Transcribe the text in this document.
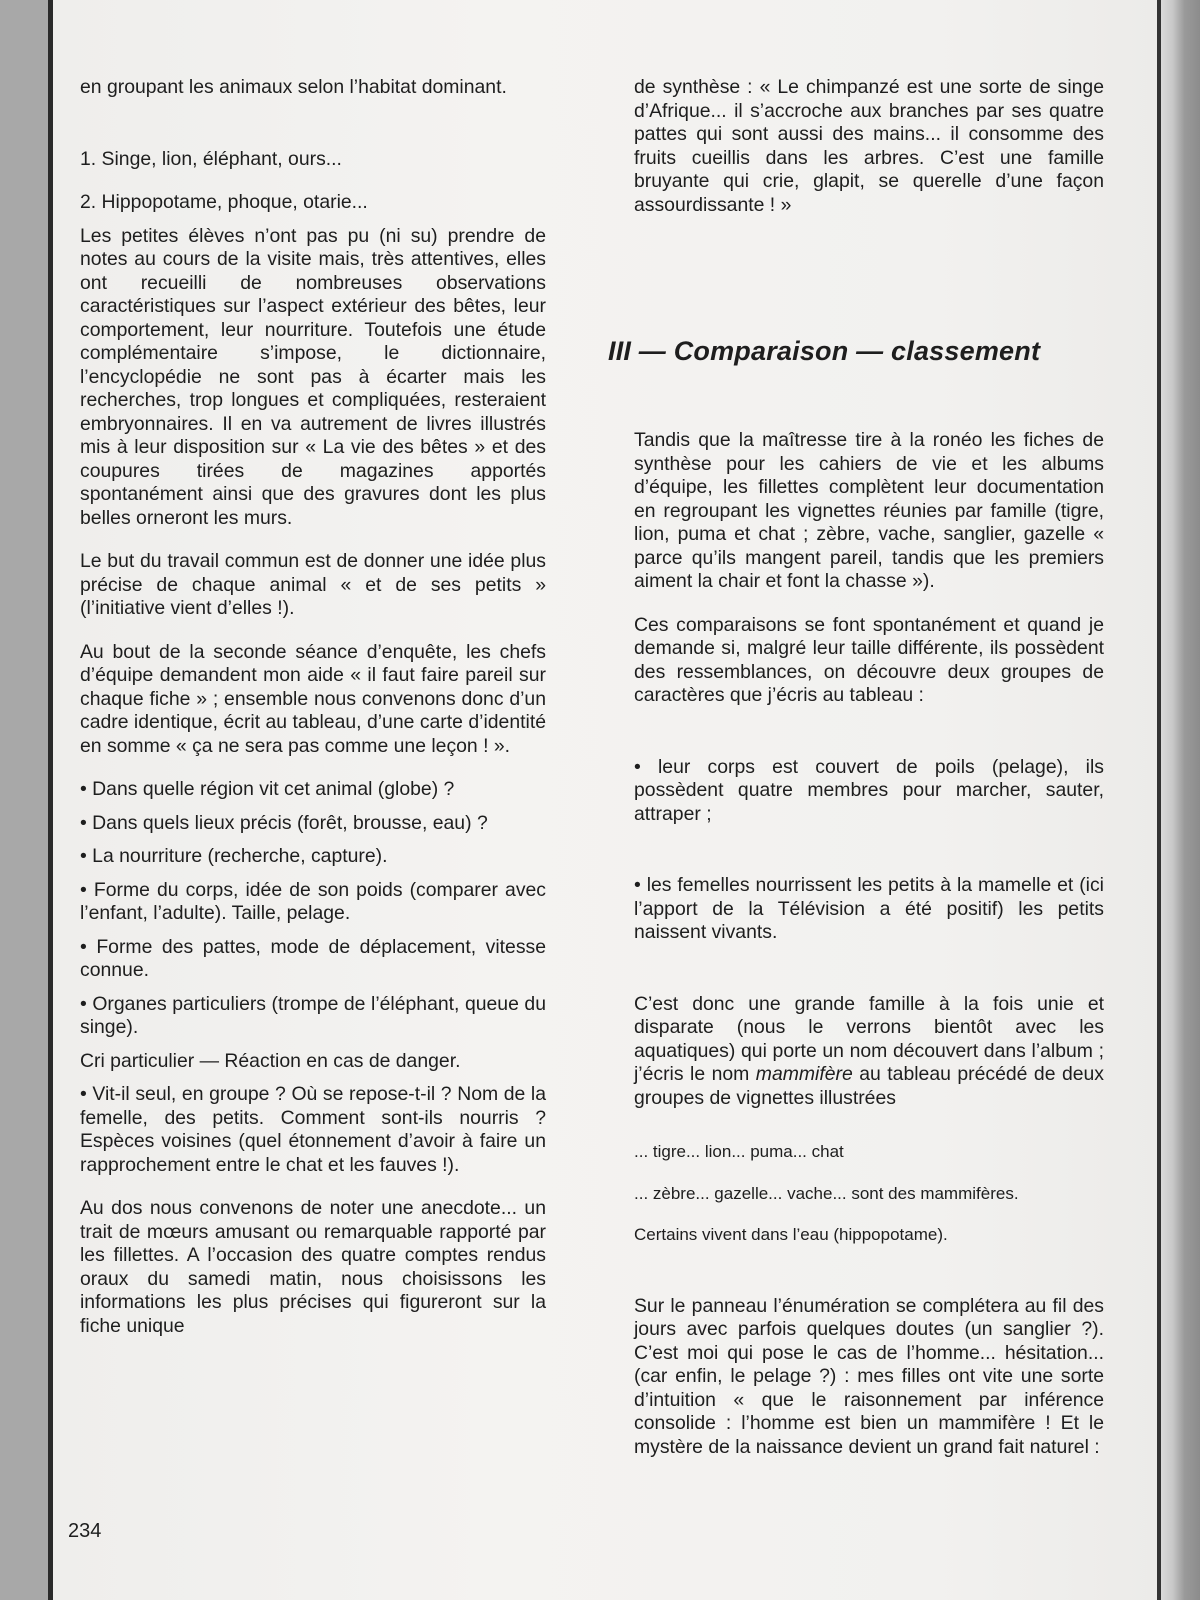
en groupant les animaux selon l’habitat dominant.

1. Singe, lion, éléphant, ours...

2. Hippopotame, phoque, otarie...

Les petites élèves n’ont pas pu (ni su) prendre de notes au cours de la visite mais, très attentives, elles ont recueilli de nombreuses observations caractéristiques sur l’aspect extérieur des bêtes, leur comportement, leur nourriture. Toutefois une étude complémentaire s’impose, le dictionnaire, l’encyclopédie ne sont pas à écarter mais les recherches, trop longues et compliquées, resteraient embryonnaires. Il en va autrement de livres illustrés mis à leur disposition sur « La vie des bêtes » et des coupures tirées de magazines apportés spontanément ainsi que des gravures dont les plus belles orneront les murs.

Le but du travail commun est de donner une idée plus précise de chaque animal « et de ses petits » (l’initiative vient d’elles !).

Au bout de la seconde séance d’enquête, les chefs d’équipe demandent mon aide « il faut faire pareil sur chaque fiche » ; ensemble nous convenons donc d’un cadre identique, écrit au tableau, d’une carte d’identité en somme « ça ne sera pas comme une leçon ! ».

• Dans quelle région vit cet animal (globe) ?

• Dans quels lieux précis (forêt, brousse, eau) ?

• La nourriture (recherche, capture).

• Forme du corps, idée de son poids (comparer avec l’enfant, l’adulte). Taille, pelage.

• Forme des pattes, mode de déplacement, vitesse connue.

• Organes particuliers (trompe de l’éléphant, queue du singe).

Cri particulier — Réaction en cas de danger.

• Vit-il seul, en groupe ? Où se repose-t-il ? Nom de la femelle, des petits. Comment sont-ils nourris ? Espèces voisines (quel étonnement d’avoir à faire un rapprochement entre le chat et les fauves !).

Au dos nous convenons de noter une anecdote... un trait de mœurs amusant ou remarquable rapporté par les fillettes. A l’occasion des quatre comptes rendus oraux du samedi matin, nous choisissons les informations les plus précises qui figureront sur la fiche unique

de synthèse : « Le chimpanzé est une sorte de singe d’Afrique... il s’accroche aux branches par ses quatre pattes qui sont aussi des mains... il consomme des fruits cueillis dans les arbres. C’est une famille bruyante qui crie, glapit, se querelle d’une façon assourdissante ! »

III — Comparaison — classement

Tandis que la maîtresse tire à la ronéo les fiches de synthèse pour les cahiers de vie et les albums d’équipe, les fillettes complètent leur documentation en regroupant les vignettes réunies par famille (tigre, lion, puma et chat ; zèbre, vache, sanglier, gazelle « parce qu’ils mangent pareil, tandis que les premiers aiment la chair et font la chasse »).

Ces comparaisons se font spontanément et quand je demande si, malgré leur taille différente, ils possèdent des ressemblances, on découvre deux groupes de caractères que j’écris au tableau :

• leur corps est couvert de poils (pelage), ils possèdent quatre membres pour marcher, sauter, attraper ;

• les femelles nourrissent les petits à la mamelle et (ici l’apport de la Télévision a été positif) les petits naissent vivants.

C’est donc une grande famille à la fois unie et disparate (nous le verrons bientôt avec les aquatiques) qui porte un nom découvert dans l’album ; j’écris le nom mammifère au tableau précédé de deux groupes de vignettes illustrées

... tigre... lion... puma... chat

... zèbre... gazelle... vache... sont des mammifères.

Certains vivent dans l’eau (hippopotame).

Sur le panneau l’énumération se complétera au fil des jours avec parfois quelques doutes (un sanglier ?). C’est moi qui pose le cas de l’homme... hésitation... (car enfin, le pelage ?) : mes filles ont vite une sorte d’intuition « que le raisonnement par inférence consolide : l’homme est bien un mammifère ! Et le mystère de la naissance devient un grand fait naturel :

234
